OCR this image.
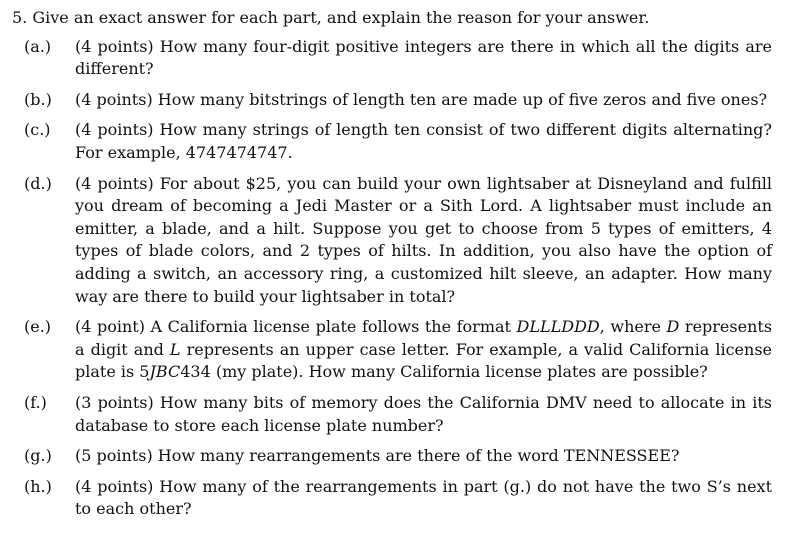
5. Give an exact answer for each part, and explain the reason for your answer.
(a.) (4 points) How many four-digit positive integers are there in which all the digits are different?
(b.) (4 points) How many bitstrings of length ten are made up of five zeros and five ones?
(c.) (4 points) How many strings of length ten consist of two different digits alternating? For example, 4747474747.
(d.) (4 points) For about $25, you can build your own lightsaber at Disneyland and fulfill you dream of becoming a Jedi Master or a Sith Lord. A lightsaber must include an emitter, a blade, and a hilt. Suppose you get to choose from 5 types of emitters, 4 types of blade colors, and 2 types of hilts. In addition, you also have the option of adding a switch, an accessory ring, a customized hilt sleeve, an adapter. How many way are there to build your lightsaber in total?
(e.) (4 point) A California license plate follows the format DLLLDDD, where D represents a digit and L represents an upper case letter. For example, a valid California license plate is 5JBC434 (my plate). How many California license plates are possible?
(f.) (3 points) How many bits of memory does the California DMV need to allocate in its database to store each license plate number?
(g.) (5 points) How many rearrangements are there of the word TENNESSEE?
(h.) (4 points) How many of the rearrangements in part (g.) do not have the two S’s next to each other?
